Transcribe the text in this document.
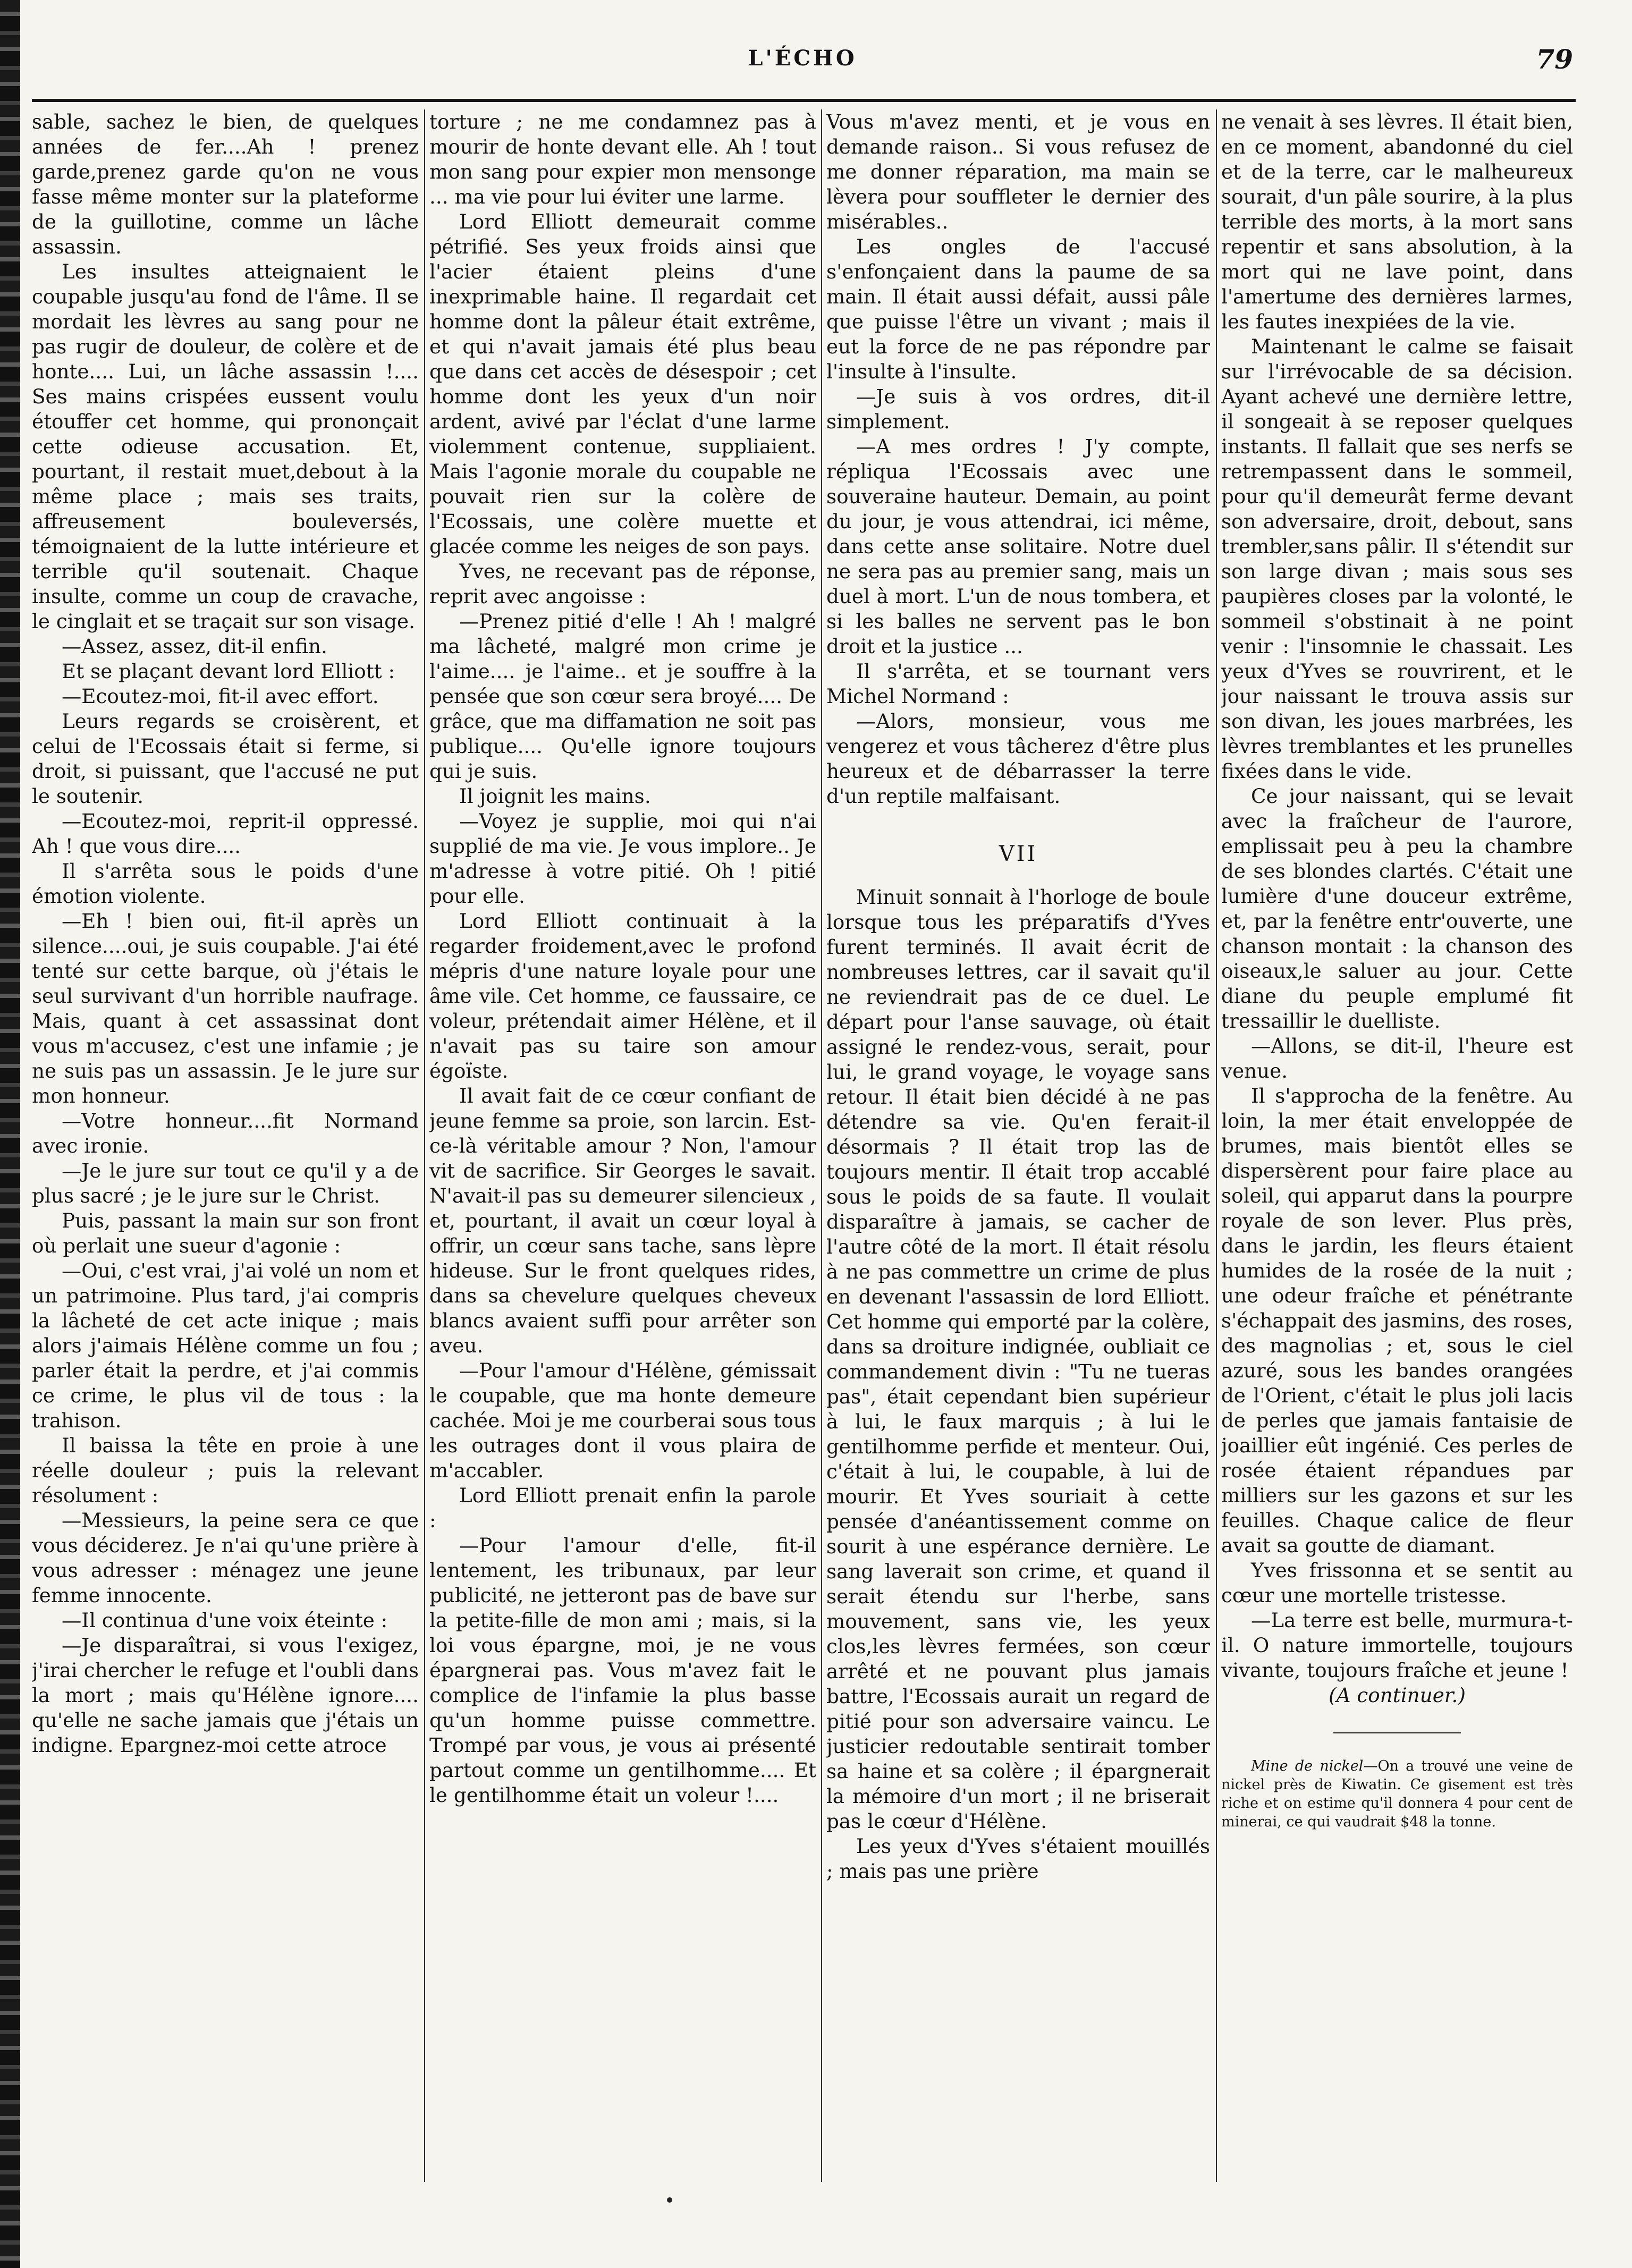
L'ÉCHO	79

sable, sachez le bien, de quelques années de fer....Ah ! prenez garde,prenez garde qu'on ne vous fasse même monter sur la plateforme de la guillotine, comme un lâche assassin.

Les insultes atteignaient le coupable jusqu'au fond de l'âme. Il se mordait les lèvres au sang pour ne pas rugir de douleur, de colère et de honte.... Lui, un lâche assassin !.... Ses mains crispées eussent voulu étouffer cet homme, qui prononçait cette odieuse accusation. Et, pourtant, il restait muet,debout à la même place ; mais ses traits, affreusement bouleversés, témoignaient de la lutte intérieure et terrible qu'il soutenait. Chaque insulte, comme un coup de cravache, le cinglait et se traçait sur son visage.

—Assez, assez, dit-il enfin.

Et se plaçant devant lord Elliott :

—Ecoutez-moi, fit-il avec effort.

Leurs regards se croisèrent, et celui de l'Ecossais était si ferme, si droit, si puissant, que l'accusé ne put le soutenir.

—Ecoutez-moi, reprit-il oppressé. Ah ! que vous dire....

Il s'arrêta sous le poids d'une émotion violente.

—Eh ! bien oui, fit-il après un silence....oui, je suis coupable. J'ai été tenté sur cette barque, où j'étais le seul survivant d'un horrible naufrage. Mais, quant à cet assassinat dont vous m'accusez, c'est une infamie ; je ne suis pas un assassin. Je le jure sur mon honneur.

—Votre honneur....fit Normand avec ironie.

—Je le jure sur tout ce qu'il y a de plus sacré ; je le jure sur le Christ.

Puis, passant la main sur son front où perlait une sueur d'agonie :

—Oui, c'est vrai, j'ai volé un nom et un patrimoine. Plus tard, j'ai compris la lâcheté de cet acte inique ; mais alors j'aimais Hélène comme un fou ; parler était la perdre, et j'ai commis ce crime, le plus vil de tous : la trahison.

Il baissa la tête en proie à une réelle douleur ; puis la relevant résolument :

—Messieurs, la peine sera ce que vous déciderez. Je n'ai qu'une prière à vous adresser : ménagez une jeune femme innocente.

—Il continua d'une voix éteinte :

—Je disparaîtrai, si vous l'exigez, j'irai chercher le refuge et l'oubli dans la mort ; mais qu'Hélène ignore.... qu'elle ne sache jamais que j'étais un indigne. Epargnez-moi cette atroce

torture ; ne me condamnez pas à mourir de honte devant elle. Ah ! tout mon sang pour expier mon mensonge ... ma vie pour lui éviter une larme.

Lord Elliott demeurait comme pétrifié. Ses yeux froids ainsi que l'acier étaient pleins d'une inexprimable haine. Il regardait cet homme dont la pâleur était extrême, et qui n'avait jamais été plus beau que dans cet accès de désespoir ; cet homme dont les yeux d'un noir ardent, avivé par l'éclat d'une larme violemment contenue, suppliaient. Mais l'agonie morale du coupable ne pouvait rien sur la colère de l'Ecossais, une colère muette et glacée comme les neiges de son pays.

Yves, ne recevant pas de réponse, reprit avec angoisse :

—Prenez pitié d'elle ! Ah ! malgré ma lâcheté, malgré mon crime je l'aime.... je l'aime.. et je souffre à la pensée que son cœur sera broyé.... De grâce, que ma diffamation ne soit pas publique.... Qu'elle ignore toujours qui je suis.

Il joignit les mains.

—Voyez je supplie, moi qui n'ai supplié de ma vie. Je vous implore.. Je m'adresse à votre pitié. Oh ! pitié pour elle.

Lord Elliott continuait à la regarder froidement,avec le profond mépris d'une nature loyale pour une âme vile. Cet homme, ce faussaire, ce voleur, prétendait aimer Hélène, et il n'avait pas su taire son amour égoïste.

Il avait fait de ce cœur confiant de jeune femme sa proie, son larcin. Est-ce-là véritable amour ? Non, l'amour vit de sacrifice. Sir Georges le savait. N'avait-il pas su demeurer silencieux , et, pourtant, il avait un cœur loyal à offrir, un cœur sans tache, sans lèpre hideuse. Sur le front quelques rides, dans sa chevelure quelques cheveux blancs avaient suffi pour arrêter son aveu.

—Pour l'amour d'Hélène, gémissait le coupable, que ma honte demeure cachée. Moi je me courberai sous tous les outrages dont il vous plaira de m'accabler.

Lord Elliott prenait enfin la parole :

—Pour l'amour d'elle, fit-il lentement, les tribunaux, par leur publicité, ne jetteront pas de bave sur la petite-fille de mon ami ; mais, si la loi vous épargne, moi, je ne vous épargnerai pas. Vous m'avez fait le complice de l'infamie la plus basse qu'un homme puisse commettre. Trompé par vous, je vous ai présenté partout comme un gentilhomme.... Et le gentilhomme était un voleur !....

Vous m'avez menti, et je vous en demande raison.. Si vous refusez de me donner réparation, ma main se lèvera pour souffleter le dernier des misérables..

Les ongles de l'accusé s'enfonçaient dans la paume de sa main. Il était aussi défait, aussi pâle que puisse l'être un vivant ; mais il eut la force de ne pas répondre par l'insulte à l'insulte.

—Je suis à vos ordres, dit-il simplement.

—A mes ordres ! J'y compte, répliqua l'Ecossais avec une souveraine hauteur. Demain, au point du jour, je vous attendrai, ici même, dans cette anse solitaire. Notre duel ne sera pas au premier sang, mais un duel à mort. L'un de nous tombera, et si les balles ne servent pas le bon droit et la justice ...

Il s'arrêta, et se tournant vers Michel Normand :

—Alors, monsieur, vous me vengerez et vous tâcherez d'être plus heureux et de débarrasser la terre d'un reptile malfaisant.

VII

Minuit sonnait à l'horloge de boule lorsque tous les préparatifs d'Yves furent terminés. Il avait écrit de nombreuses lettres, car il savait qu'il ne reviendrait pas de ce duel. Le départ pour l'anse sauvage, où était assigné le rendez-vous, serait, pour lui, le grand voyage, le voyage sans retour. Il était bien décidé à ne pas détendre sa vie. Qu'en ferait-il désormais ? Il était trop las de toujours mentir. Il était trop accablé sous le poids de sa faute. Il voulait disparaître à jamais, se cacher de l'autre côté de la mort. Il était résolu à ne pas commettre un crime de plus en devenant l'assassin de lord Elliott. Cet homme qui emporté par la colère, dans sa droiture indignée, oubliait ce commandement divin : "Tu ne tueras pas", était cependant bien supérieur à lui, le faux marquis ; à lui le gentilhomme perfide et menteur. Oui, c'était à lui, le coupable, à lui de mourir. Et Yves souriait à cette pensée d'anéantissement comme on sourit à une espérance dernière. Le sang laverait son crime, et quand il serait étendu sur l'herbe, sans mouvement, sans vie, les yeux clos,les lèvres fermées, son cœur arrêté et ne pouvant plus jamais battre, l'Ecossais aurait un regard de pitié pour son adversaire vaincu. Le justicier redoutable sentirait tomber sa haine et sa colère ; il épargnerait la mémoire d'un mort ; il ne briserait pas le cœur d'Hélène.

Les yeux d'Yves s'étaient mouillés ; mais pas une prière

ne venait à ses lèvres. Il était bien, en ce moment, abandonné du ciel et de la terre, car le malheureux sourait, d'un pâle sourire, à la plus terrible des morts, à la mort sans repentir et sans absolution, à la mort qui ne lave point, dans l'amertume des dernières larmes, les fautes inexpiées de la vie.

Maintenant le calme se faisait sur l'irrévocable de sa décision. Ayant achevé une dernière lettre, il songeait à se reposer quelques instants. Il fallait que ses nerfs se retrempassent dans le sommeil, pour qu'il demeurât ferme devant son adversaire, droit, debout, sans trembler,sans pâlir. Il s'étendit sur son large divan ; mais sous ses paupières closes par la volonté, le sommeil s'obstinait à ne point venir : l'insomnie le chassait. Les yeux d'Yves se rouvrirent, et le jour naissant le trouva assis sur son divan, les joues marbrées, les lèvres tremblantes et les prunelles fixées dans le vide.

Ce jour naissant, qui se levait avec la fraîcheur de l'aurore, emplissait peu à peu la chambre de ses blondes clartés. C'était une lumière d'une douceur extrême, et, par la fenêtre entr'ouverte, une chanson montait : la chanson des oiseaux,le saluer au jour. Cette diane du peuple emplumé fit tressaillir le duelliste.

—Allons, se dit-il, l'heure est venue.

Il s'approcha de la fenêtre. Au loin, la mer était enveloppée de brumes, mais bientôt elles se dispersèrent pour faire place au soleil, qui apparut dans la pourpre royale de son lever. Plus près, dans le jardin, les fleurs étaient humides de la rosée de la nuit ; une odeur fraîche et pénétrante s'échappait des jasmins, des roses, des magnolias ; et, sous le ciel azuré, sous les bandes orangées de l'Orient, c'était le plus joli lacis de perles que jamais fantaisie de joaillier eût ingénié. Ces perles de rosée étaient répandues par milliers sur les gazons et sur les feuilles. Chaque calice de fleur avait sa goutte de diamant.

Yves frissonna et se sentit au cœur une mortelle tristesse.

—La terre est belle, murmura-t-il. O nature immortelle, toujours vivante, toujours fraîche et jeune !

(A continuer.)

Mine de nickel—On a trouvé une veine de nickel près de Kiwatin. Ce gisement est très riche et on estime qu'il donnera 4 pour cent de minerai, ce qui vaudrait $48 la tonne.
